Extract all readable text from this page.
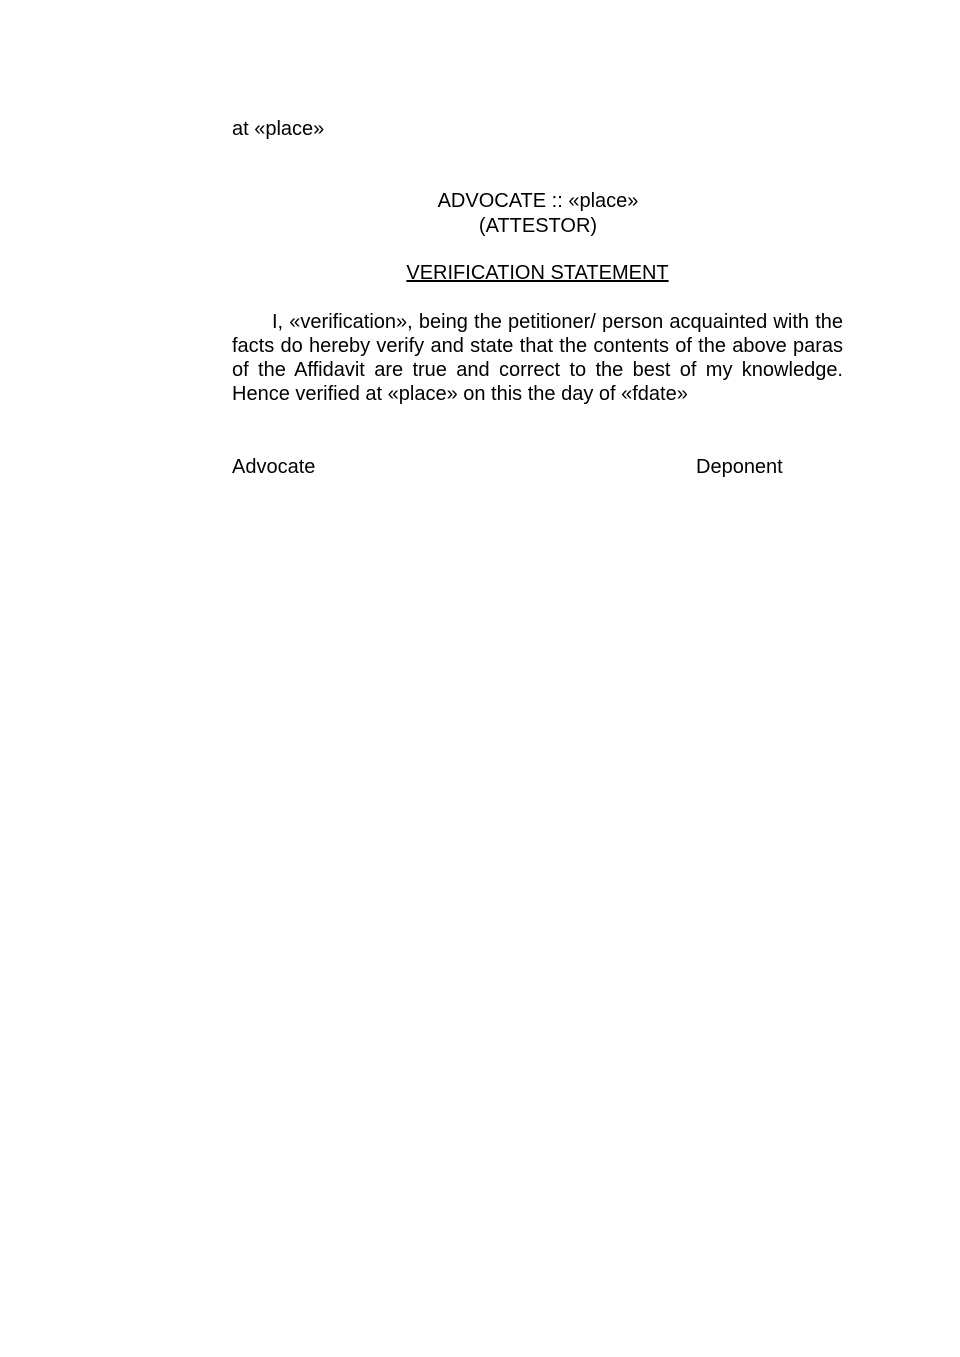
at «place»
ADVOCATE :: «place»
(ATTESTOR)
VERIFICATION STATEMENT

I, «verification», being the petitioner/ person acquainted with the facts do hereby verify and state that the contents of the above paras of the Affidavit are true and correct to the best of my knowledge. Hence verified at «place» on this the day of «fdate»

Advocate	Deponent
